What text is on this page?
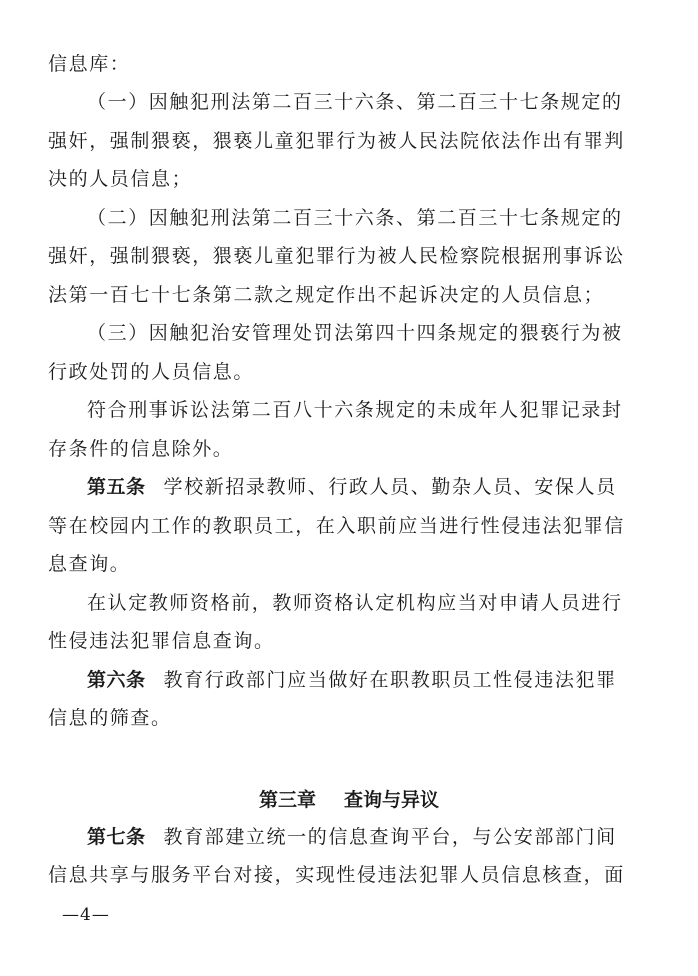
信息库：
（一）因触犯刑法第二百三十六条、第二百三十七条规定的
强奸，强制猥亵，猥亵儿童犯罪行为被人民法院依法作出有罪判
决的人员信息；
（二）因触犯刑法第二百三十六条、第二百三十七条规定的
强奸，强制猥亵，猥亵儿童犯罪行为被人民检察院根据刑事诉讼
法第一百七十七条第二款之规定作出不起诉决定的人员信息；
（三）因触犯治安管理处罚法第四十四条规定的猥亵行为被
行政处罚的人员信息。
符合刑事诉讼法第二百八十六条规定的未成年人犯罪记录封
存条件的信息除外。
第五条 学校新招录教师、行政人员、勤杂人员、安保人员
等在校园内工作的教职员工，在入职前应当进行性侵违法犯罪信
息查询。
在认定教师资格前，教师资格认定机构应当对申请人员进行
性侵违法犯罪信息查询。
第六条 教育行政部门应当做好在职教职员工性侵违法犯罪
信息的筛查。
第三章 查询与异议
第七条 教育部建立统一的信息查询平台，与公安部部门间
信息共享与服务平台对接，实现性侵违法犯罪人员信息核查，面
—4—
